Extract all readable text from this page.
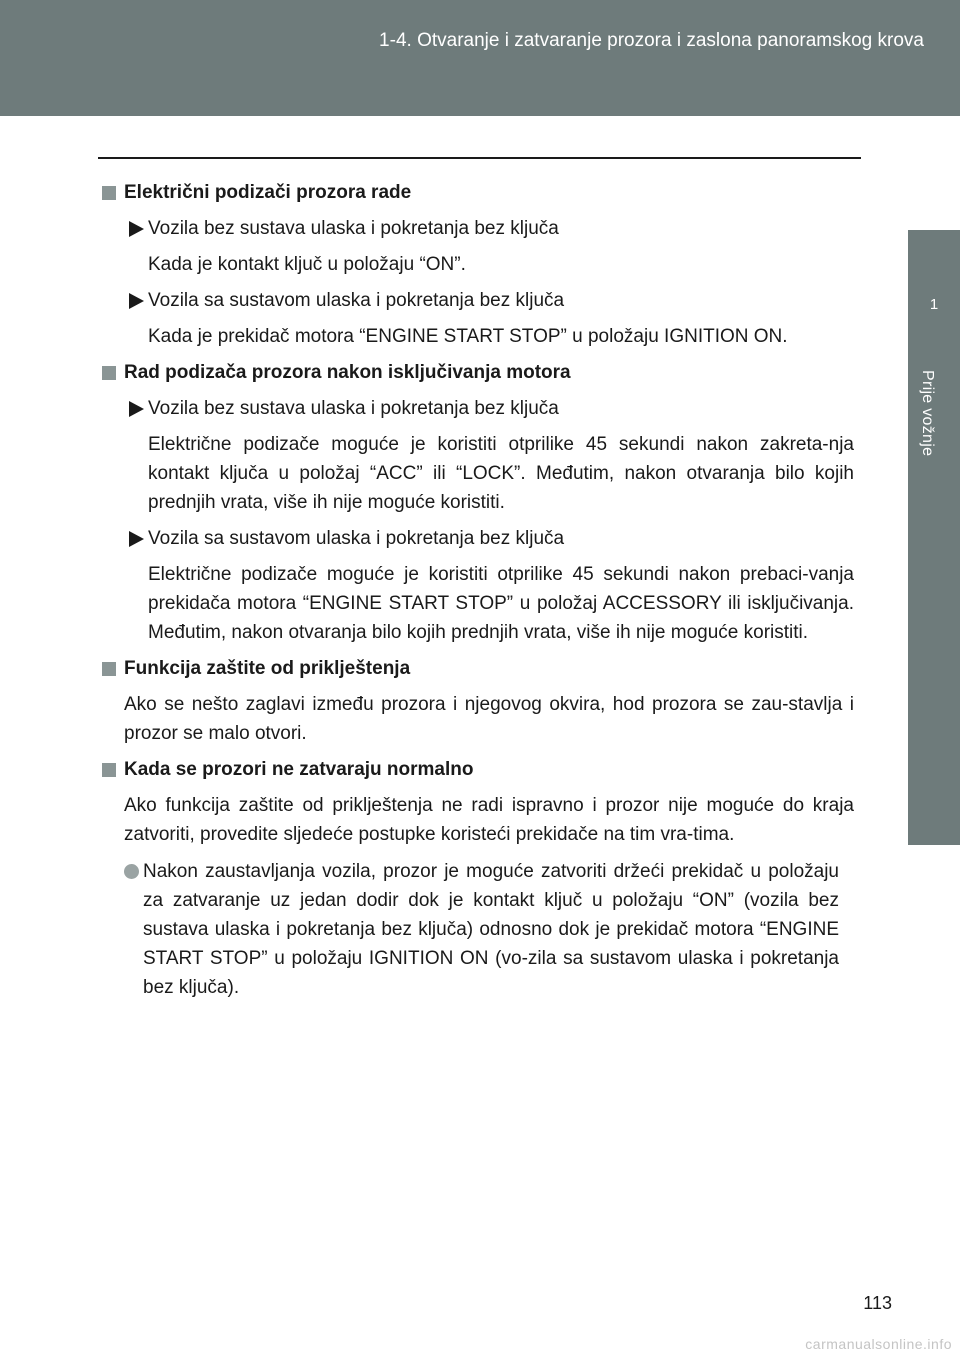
1-4. Otvaranje i zatvaranje prozora i zaslona panoramskog krova
1
Prije vožnje
Električni podizači prozora rade
Vozila bez sustava ulaska i pokretanja bez ključa
Kada je kontakt ključ u položaju “ON”.
Vozila sa sustavom ulaska i pokretanja bez ključa
Kada je prekidač motora “ENGINE START STOP” u položaju IGNITION ON.
Rad podizača prozora nakon isključivanja motora
Vozila bez sustava ulaska i pokretanja bez ključa
Električne podizače moguće je koristiti otprilike 45 sekundi nakon zakreta-nja kontakt ključa u položaj “ACC” ili “LOCK”. Međutim, nakon otvaranja bilo kojih prednjih vrata, više ih nije moguće koristiti.
Vozila sa sustavom ulaska i pokretanja bez ključa
Električne podizače moguće je koristiti otprilike 45 sekundi nakon prebaci-vanja prekidača motora “ENGINE START STOP” u položaj ACCESSORY ili isključivanja. Međutim, nakon otvaranja bilo kojih prednjih vrata, više ih nije moguće koristiti.
Funkcija zaštite od priklještenja
Ako se nešto zaglavi između prozora i njegovog okvira, hod prozora se zau-stavlja i prozor se malo otvori.
Kada se prozori ne zatvaraju normalno
Ako funkcija zaštite od priklještenja ne radi ispravno i prozor nije moguće do kraja zatvoriti, provedite sljedeće postupke koristeći prekidače na tim vra-tima.
Nakon zaustavljanja vozila, prozor je moguće zatvoriti držeći prekidač u položaju za zatvaranje uz jedan dodir dok je kontakt ključ u položaju “ON” (vozila bez sustava ulaska i pokretanja bez ključa) odnosno dok je prekidač motora “ENGINE START STOP” u položaju IGNITION ON (vo-zila sa sustavom ulaska i pokretanja bez ključa).
113
carmanualsonline.info
